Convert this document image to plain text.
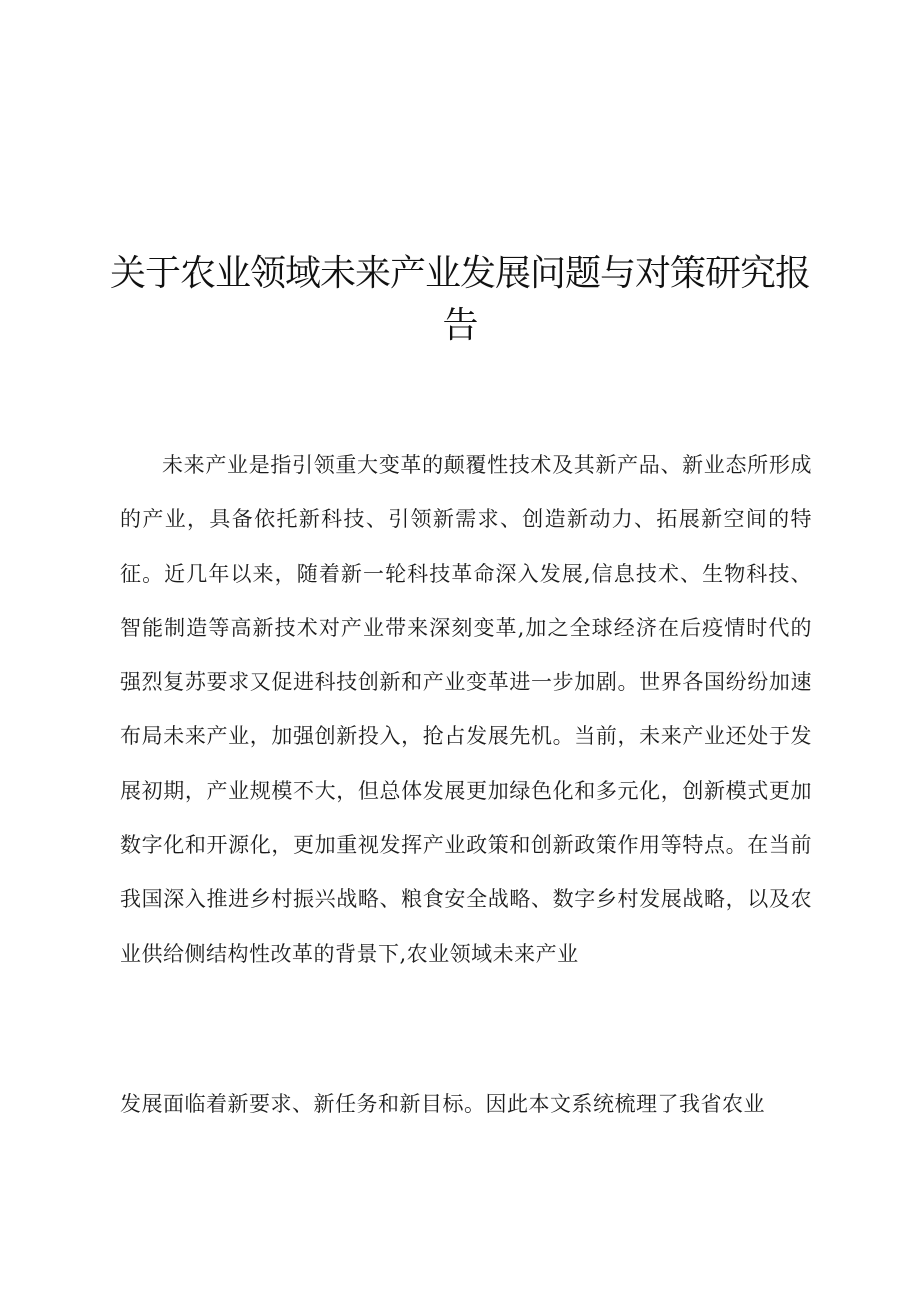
关于农业领域未来产业发展问题与对策研究报告

未来产业是指引领重大变革的颠覆性技术及其新产品、新业态所形成的产业，具备依托新科技、引领新需求、创造新动力、拓展新空间的特征。近几年以来，随着新一轮科技革命深入发展,信息技术、生物科技、智能制造等高新技术对产业带来深刻变革,加之全球经济在后疫情时代的强烈复苏要求又促进科技创新和产业变革进一步加剧。世界各国纷纷加速布局未来产业，加强创新投入，抢占发展先机。当前，未来产业还处于发展初期，产业规模不大，但总体发展更加绿色化和多元化，创新模式更加数字化和开源化，更加重视发挥产业政策和创新政策作用等特点。在当前我国深入推进乡村振兴战略、粮食安全战略、数字乡村发展战略，以及农业供给侧结构性改革的背景下,农业领域未来产业

发展面临着新要求、新任务和新目标。因此本文系统梳理了我省农业
